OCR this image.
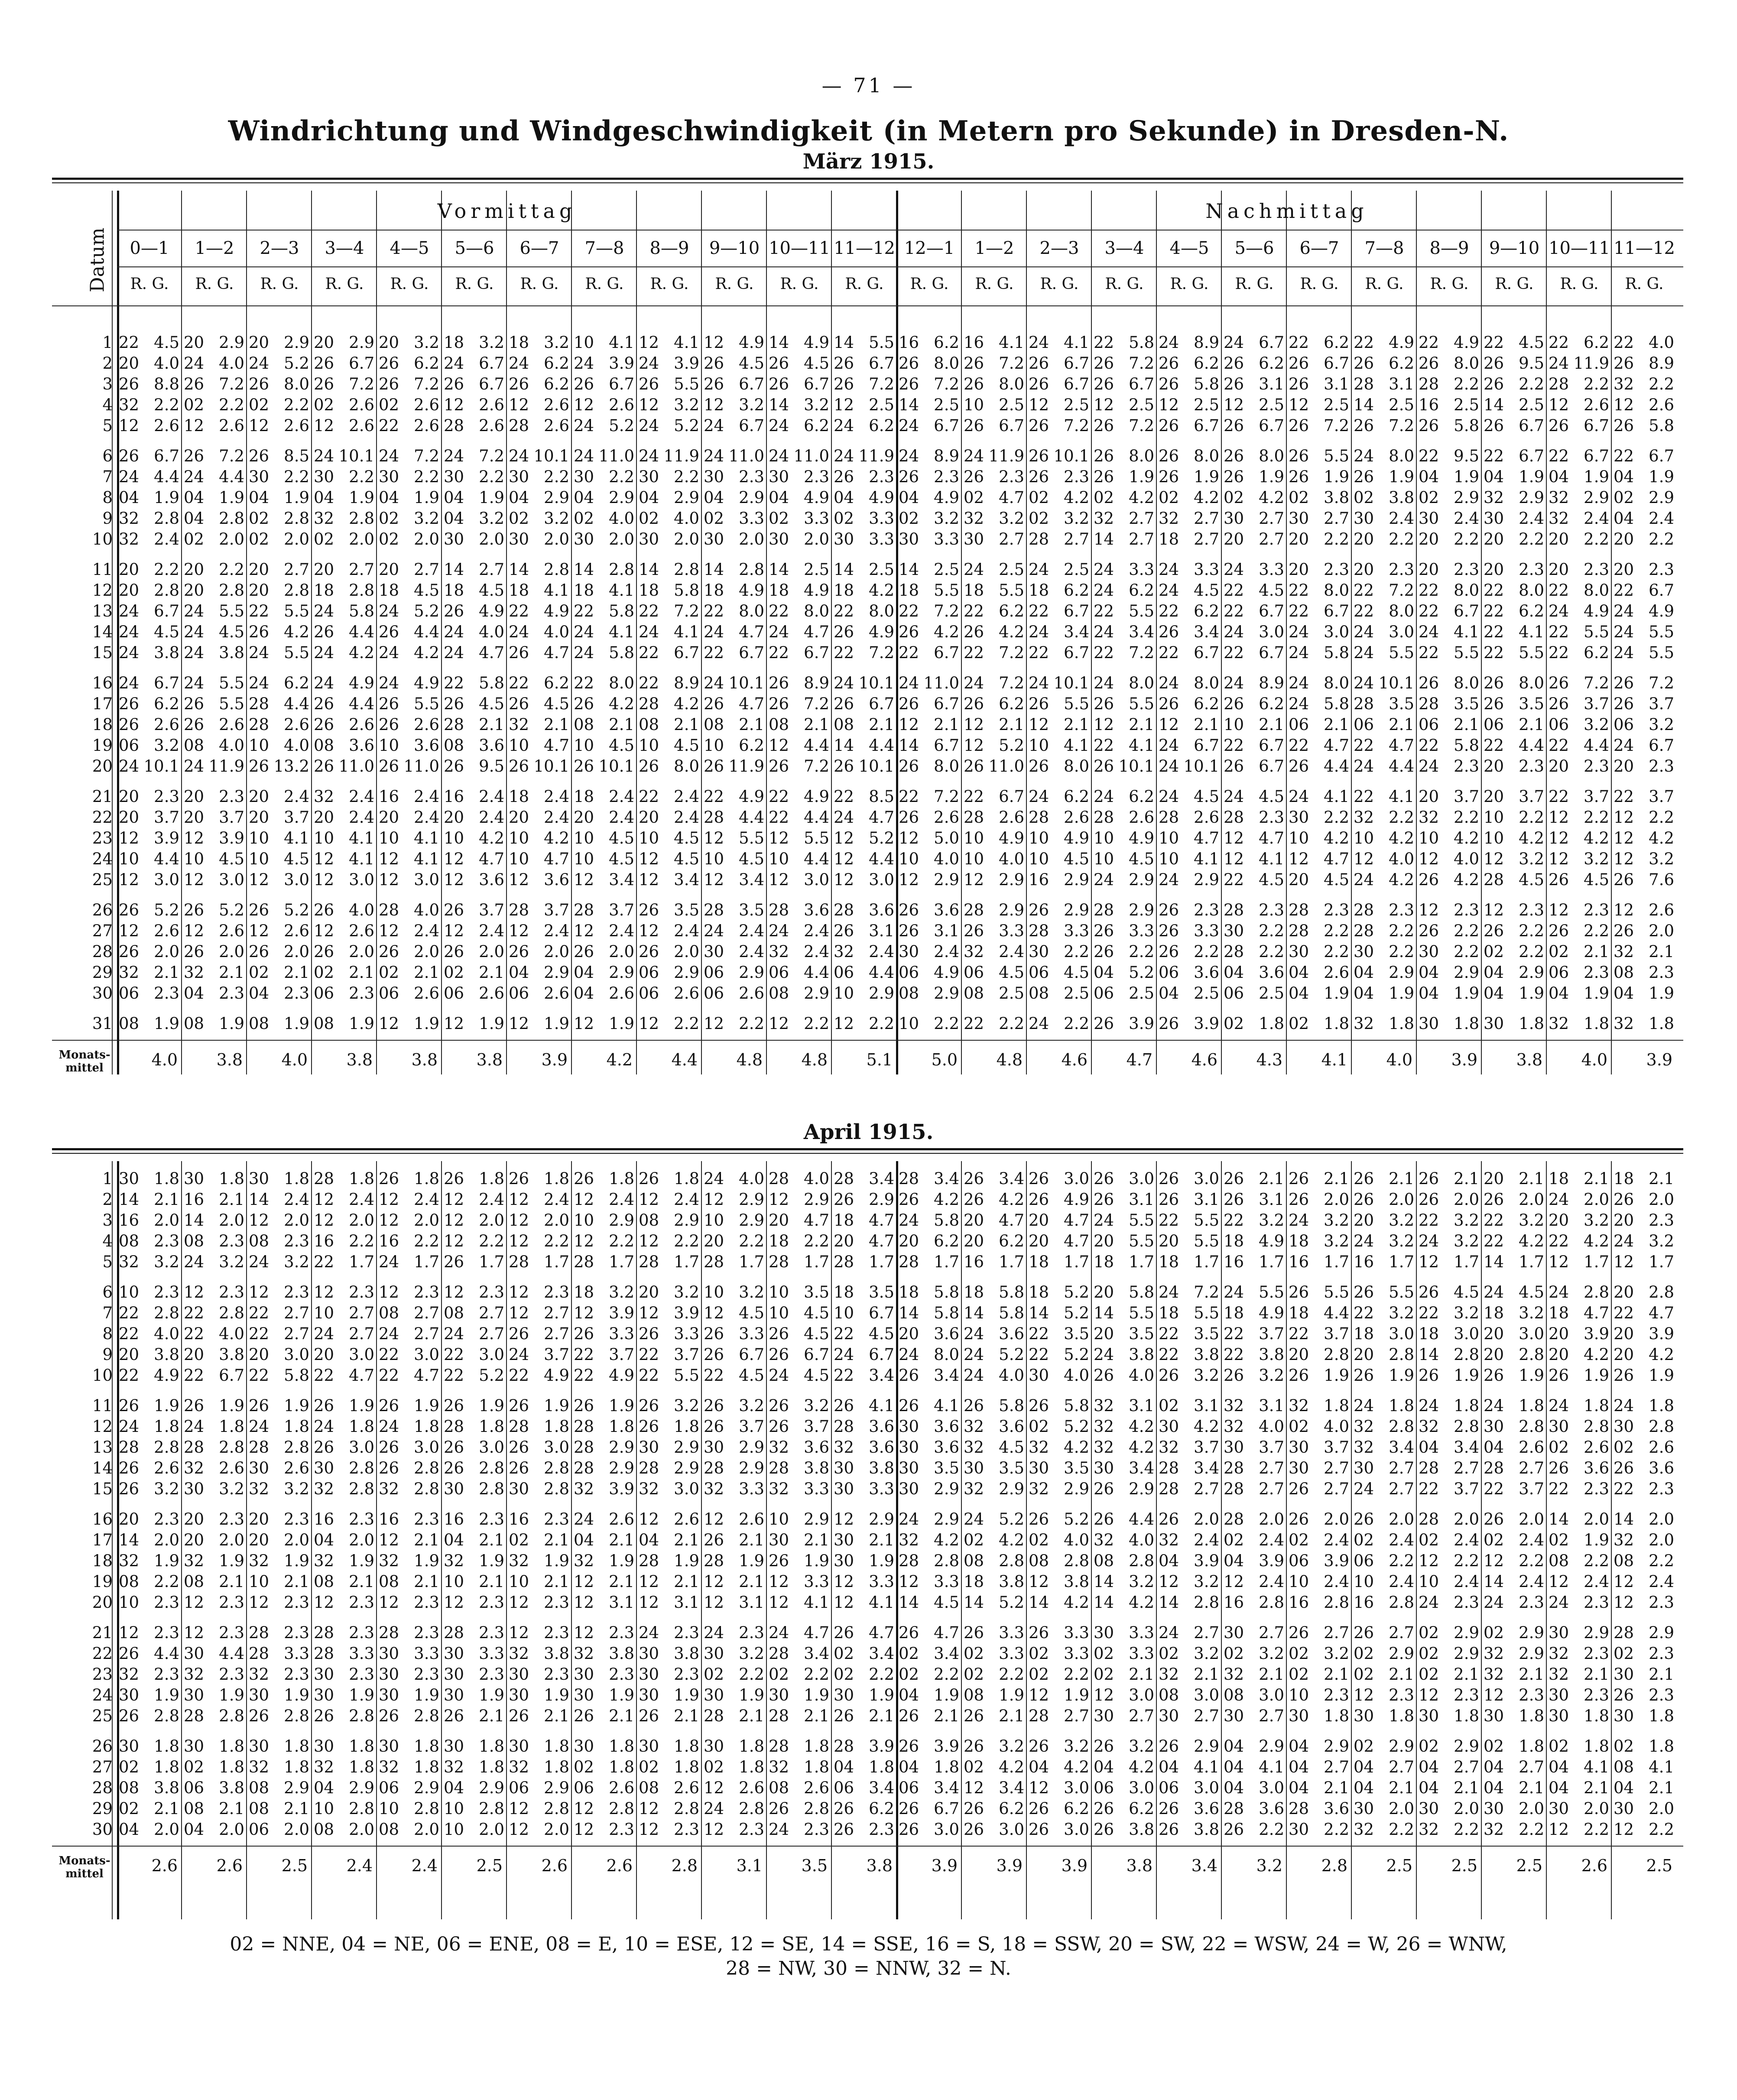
— 71 —
Windrichtung und Windgeschwindigkeit (in Metern pro Sekunde) in Dresden-N.
März 1915.
Datum
Vormittag	Nachmittag
0—1	1—2	2—3	3—4	4—5	5—6	6—7	7—8	8—9	9—10 10—11 11—12 12—1	1—2	2—3	3—4	4—5	5—6	6—7	7—8	8—9	9—10 10—11 11—12
R. G.	R. G.	R. G.	R. G.	R. G.	R. G.	R. G.	R. G.	R. G.	R. G.	R. G.	R. G.	R. G.	R. G.	R. G.	R. G.	R. G.	R. G.	R. G.	R. G.	R. G.	R. G.	R. G.	R. G.
1 22 4.5 20 2.9 20 2.9 20 2.9 20 3.2 18 3.2 18 3.2 10 4.1 12 4.1 12 4.9 14 4.9 14 5.5 16 6.2 16 4.1 24 4.1 22 5.8 24 8.9 24 6.7 22 6.2 22 4.9 22 4.9 22 4.5 22 6.2 22 4.0
2 20 4.0 24 4.0 24 5.2 26 6.7 26 6.2 24 6.7 24 6.2 24 3.9 24 3.9 26 4.5 26 4.5 26 6.7 26 8.0 26 7.2 26 6.7 26 7.2 26 6.2 26 6.2 26 6.7 26 6.2 26 8.0 26 9.5 24 11.9 26 8.9
3 26 8.8 26 7.2 26 8.0 26 7.2 26 7.2 26 6.7 26 6.2 26 6.7 26 5.5 26 6.7 26 6.7 26 7.2 26 7.2 26 8.0 26 6.7 26 6.7 26 5.8 26 3.1 26 3.1 28 3.1 28 2.2 26 2.2 28 2.2 32 2.2
4 32 2.2 02 2.2 02 2.2 02 2.6 02 2.6 12 2.6 12 2.6 12 2.6 12 3.2 12 3.2 14 3.2 12 2.5 14 2.5 10 2.5 12 2.5 12 2.5 12 2.5 12 2.5 12 2.5 14 2.5 16 2.5 14 2.5 12 2.6 12 2.6
5 12 2.6 12 2.6 12 2.6 12 2.6 22 2.6 28 2.6 28 2.6 24 5.2 24 5.2 24 6.7 24 6.2 24 6.2 24 6.7 26 6.7 26 7.2 26 7.2 26 6.7 26 6.7 26 7.2 26 7.2 26 5.8 26 6.7 26 6.7 26 5.8
6 26 6.7 26 7.2 26 8.5 24 10.1 24 7.2 24 7.2 24 10.1 24 11.0 24 11.9 24 11.0 24 11.0 24 11.9 24 8.9 24 11.9 26 10.1 26 8.0 26 8.0 26 8.0 26 5.5 24 8.0 22 9.5 22 6.7 22 6.7 22 6.7
7 24 4.4 24 4.4 30 2.2 30 2.2 30 2.2 30 2.2 30 2.2 30 2.2 30 2.2 30 2.3 30 2.3 26 2.3 26 2.3 26 2.3 26 2.3 26 1.9 26 1.9 26 1.9 26 1.9 26 1.9 04 1.9 04 1.9 04 1.9 04 1.9
8 04 1.9 04 1.9 04 1.9 04 1.9 04 1.9 04 1.9 04 2.9 04 2.9 04 2.9 04 2.9 04 4.9 04 4.9 04 4.9 02 4.7 02 4.2 02 4.2 02 4.2 02 4.2 02 3.8 02 3.8 02 2.9 32 2.9 32 2.9 02 2.9
9 32 2.8 04 2.8 02 2.8 32 2.8 02 3.2 04 3.2 02 3.2 02 4.0 02 4.0 02 3.3 02 3.3 02 3.3 02 3.2 32 3.2 02 3.2 32 2.7 32 2.7 30 2.7 30 2.7 30 2.4 30 2.4 30 2.4 32 2.4 04 2.4
10 32 2.4 02 2.0 02 2.0 02 2.0 02 2.0 30 2.0 30 2.0 30 2.0 30 2.0 30 2.0 30 2.0 30 3.3 30 3.3 30 2.7 28 2.7 14 2.7 18 2.7 20 2.7 20 2.2 20 2.2 20 2.2 20 2.2 20 2.2 20 2.2
11 20 2.2 20 2.2 20 2.7 20 2.7 20 2.7 14 2.7 14 2.8 14 2.8 14 2.8 14 2.8 14 2.5 14 2.5 14 2.5 24 2.5 24 2.5 24 3.3 24 3.3 24 3.3 20 2.3 20 2.3 20 2.3 20 2.3 20 2.3 20 2.3
12 20 2.8 20 2.8 20 2.8 18 2.8 18 4.5 18 4.5 18 4.1 18 4.1 18 5.8 18 4.9 18 4.9 18 4.2 18 5.5 18 5.5 18 6.2 24 6.2 24 4.5 22 4.5 22 8.0 22 7.2 22 8.0 22 8.0 22 8.0 22 6.7
13 24 6.7 24 5.5 22 5.5 24 5.8 24 5.2 26 4.9 22 4.9 22 5.8 22 7.2 22 8.0 22 8.0 22 8.0 22 7.2 22 6.2 22 6.7 22 5.5 22 6.2 22 6.7 22 6.7 22 8.0 22 6.7 22 6.2 24 4.9 24 4.9
14 24 4.5 24 4.5 26 4.2 26 4.4 26 4.4 24 4.0 24 4.0 24 4.1 24 4.1 24 4.7 24 4.7 26 4.9 26 4.2 26 4.2 24 3.4 24 3.4 26 3.4 24 3.0 24 3.0 24 3.0 24 4.1 22 4.1 22 5.5 24 5.5
15 24 3.8 24 3.8 24 5.5 24 4.2 24 4.2 24 4.7 26 4.7 24 5.8 22 6.7 22 6.7 22 6.7 22 7.2 22 6.7 22 7.2 22 6.7 22 7.2 22 6.7 22 6.7 24 5.8 24 5.5 22 5.5 22 5.5 22 6.2 24 5.5
16 24 6.7 24 5.5 24 6.2 24 4.9 24 4.9 22 5.8 22 6.2 22 8.0 22 8.9 24 10.1 26 8.9 24 10.1 24 11.0 24 7.2 24 10.1 24 8.0 24 8.0 24 8.9 24 8.0 24 10.1 26 8.0 26 8.0 26 7.2 26 7.2
17 26 6.2 26 5.5 28 4.4 26 4.4 26 5.5 26 4.5 26 4.5 26 4.2 28 4.2 26 4.7 26 7.2 26 6.7 26 6.7 26 6.2 26 5.5 26 5.5 26 6.2 26 6.2 24 5.8 28 3.5 28 3.5 26 3.5 26 3.7 26 3.7
18 26 2.6 26 2.6 28 2.6 26 2.6 26 2.6 28 2.1 32 2.1 08 2.1 08 2.1 08 2.1 08 2.1 08 2.1 12 2.1 12 2.1 12 2.1 12 2.1 12 2.1 10 2.1 06 2.1 06 2.1 06 2.1 06 2.1 06 3.2 06 3.2
19 06 3.2 08 4.0 10 4.0 08 3.6 10 3.6 08 3.6 10 4.7 10 4.5 10 4.5 10 6.2 12 4.4 14 4.4 14 6.7 12 5.2 10 4.1 22 4.1 24 6.7 22 6.7 22 4.7 22 4.7 22 5.8 22 4.4 22 4.4 24 6.7
20 24 10.1 24 11.9 26 13.2 26 11.0 26 11.0 26 9.5 26 10.1 26 10.1 26 8.0 26 11.9 26 7.2 26 10.1 26 8.0 26 11.0 26 8.0 26 10.1 24 10.1 26 6.7 26 4.4 24 4.4 24 2.3 20 2.3 20 2.3 20 2.3
21 20 2.3 20 2.3 20 2.4 32 2.4 16 2.4 16 2.4 18 2.4 18 2.4 22 2.4 22 4.9 22 4.9 22 8.5 22 7.2 22 6.7 24 6.2 24 6.2 24 4.5 24 4.5 24 4.1 22 4.1 20 3.7 20 3.7 22 3.7 22 3.7
22 20 3.7 20 3.7 20 3.7 20 2.4 20 2.4 20 2.4 20 2.4 20 2.4 20 2.4 28 4.4 22 4.4 24 4.7 26 2.6 28 2.6 28 2.6 28 2.6 28 2.6 28 2.3 30 2.2 32 2.2 32 2.2 10 2.2 12 2.2 12 2.2
23 12 3.9 12 3.9 10 4.1 10 4.1 10 4.1 10 4.2 10 4.2 10 4.5 10 4.5 12 5.5 12 5.5 12 5.2 12 5.0 10 4.9 10 4.9 10 4.9 10 4.7 12 4.7 10 4.2 10 4.2 10 4.2 10 4.2 12 4.2 12 4.2
24 10 4.4 10 4.5 10 4.5 12 4.1 12 4.1 12 4.7 10 4.7 10 4.5 12 4.5 10 4.5 10 4.4 12 4.4 10 4.0 10 4.0 10 4.5 10 4.5 10 4.1 12 4.1 12 4.7 12 4.0 12 4.0 12 3.2 12 3.2 12 3.2
25 12 3.0 12 3.0 12 3.0 12 3.0 12 3.0 12 3.6 12 3.6 12 3.4 12 3.4 12 3.4 12 3.0 12 3.0 12 2.9 12 2.9 16 2.9 24 2.9 24 2.9 22 4.5 20 4.5 24 4.2 26 4.2 28 4.5 26 4.5 26 7.6
26 26 5.2 26 5.2 26 5.2 26 4.0 28 4.0 26 3.7 28 3.7 28 3.7 26 3.5 28 3.5 28 3.6 28 3.6 26 3.6 28 2.9 26 2.9 28 2.9 26 2.3 28 2.3 28 2.3 28 2.3 12 2.3 12 2.3 12 2.3 12 2.6
27 12 2.6 12 2.6 12 2.6 12 2.6 12 2.4 12 2.4 12 2.4 12 2.4 12 2.4 24 2.4 24 2.4 26 3.1 26 3.1 26 3.3 28 3.3 26 3.3 26 3.3 30 2.2 28 2.2 28 2.2 26 2.2 26 2.2 26 2.2 26 2.0
28 26 2.0 26 2.0 26 2.0 26 2.0 26 2.0 26 2.0 26 2.0 26 2.0 26 2.0 30 2.4 32 2.4 32 2.4 30 2.4 32 2.4 30 2.2 26 2.2 26 2.2 28 2.2 30 2.2 30 2.2 30 2.2 02 2.2 02 2.1 32 2.1
29 32 2.1 32 2.1 02 2.1 02 2.1 02 2.1 02 2.1 04 2.9 04 2.9 06 2.9 06 2.9 06 4.4 06 4.4 06 4.9 06 4.5 06 4.5 04 5.2 06 3.6 04 3.6 04 2.6 04 2.9 04 2.9 04 2.9 06 2.3 08 2.3
30 06 2.3 04 2.3 04 2.3 06 2.3 06 2.6 06 2.6 06 2.6 04 2.6 06 2.6 06 2.6 08 2.9 10 2.9 08 2.9 08 2.5 08 2.5 06 2.5 04 2.5 06 2.5 04 1.9 04 1.9 04 1.9 04 1.9 04 1.9 04 1.9
31 08 1.9 08 1.9 08 1.9 08 1.9 12 1.9 12 1.9 12 1.9 12 1.9 12 2.2 12 2.2 12 2.2 12 2.2 10 2.2 22 2.2 24 2.2 26 3.9 26 3.9 02 1.8 02 1.8 32 1.8 30 1.8 30 1.8 32 1.8 32 1.8
Monats-mittel	4.0	3.8	4.0	3.8	3.8	3.8	3.9	4.2	4.4	4.8	4.8	5.1	5.0	4.8	4.6	4.7	4.6	4.3	4.1	4.0	3.9	3.8	4.0	3.9
April 1915.
1 30 1.8 30 1.8 30 1.8 28 1.8 26 1.8 26 1.8 26 1.8 26 1.8 26 1.8 24 4.0 28 4.0 28 3.4 28 3.4 26 3.4 26 3.0 26 3.0 26 3.0 26 2.1 26 2.1 26 2.1 26 2.1 20 2.1 18 2.1 18 2.1
2 14 2.1 16 2.1 14 2.4 12 2.4 12 2.4 12 2.4 12 2.4 12 2.4 12 2.4 12 2.9 12 2.9 26 2.9 26 4.2 26 4.2 26 4.9 26 3.1 26 3.1 26 3.1 26 2.0 26 2.0 26 2.0 26 2.0 24 2.0 26 2.0
3 16 2.0 14 2.0 12 2.0 12 2.0 12 2.0 12 2.0 12 2.0 10 2.9 08 2.9 10 2.9 20 4.7 18 4.7 24 5.8 20 4.7 20 4.7 24 5.5 22 5.5 22 3.2 24 3.2 20 3.2 22 3.2 22 3.2 20 3.2 20 2.3
4 08 2.3 08 2.3 08 2.3 16 2.2 16 2.2 12 2.2 12 2.2 12 2.2 12 2.2 20 2.2 18 2.2 20 4.7 20 6.2 20 6.2 20 4.7 20 5.5 20 5.5 18 4.9 18 3.2 24 3.2 24 3.2 22 4.2 22 4.2 24 3.2
5 32 3.2 24 3.2 24 3.2 22 1.7 24 1.7 26 1.7 28 1.7 28 1.7 28 1.7 28 1.7 28 1.7 28 1.7 28 1.7 16 1.7 18 1.7 18 1.7 18 1.7 16 1.7 16 1.7 16 1.7 12 1.7 14 1.7 12 1.7 12 1.7
6 10 2.3 12 2.3 12 2.3 12 2.3 12 2.3 12 2.3 12 2.3 18 3.2 20 3.2 10 3.2 10 3.5 18 3.5 18 5.8 18 5.8 18 5.2 20 5.8 24 7.2 24 5.5 26 5.5 26 5.5 26 4.5 24 4.5 24 2.8 20 2.8
7 22 2.8 22 2.8 22 2.7 10 2.7 08 2.7 08 2.7 12 2.7 12 3.9 12 3.9 12 4.5 10 4.5 10 6.7 14 5.8 14 5.8 14 5.2 14 5.5 18 5.5 18 4.9 18 4.4 22 3.2 22 3.2 18 3.2 18 4.7 22 4.7
8 22 4.0 22 4.0 22 2.7 24 2.7 24 2.7 24 2.7 26 2.7 26 3.3 26 3.3 26 3.3 26 4.5 22 4.5 20 3.6 24 3.6 22 3.5 20 3.5 22 3.5 22 3.7 22 3.7 18 3.0 18 3.0 20 3.0 20 3.9 20 3.9
9 20 3.8 20 3.8 20 3.0 20 3.0 22 3.0 22 3.0 24 3.7 22 3.7 22 3.7 26 6.7 26 6.7 24 6.7 24 8.0 24 5.2 22 5.2 24 3.8 22 3.8 22 3.8 20 2.8 20 2.8 14 2.8 20 2.8 20 4.2 20 4.2
10 22 4.9 22 6.7 22 5.8 22 4.7 22 4.7 22 5.2 22 4.9 22 4.9 22 5.5 22 4.5 24 4.5 22 3.4 26 3.4 24 4.0 30 4.0 26 4.0 26 3.2 26 3.2 26 1.9 26 1.9 26 1.9 26 1.9 26 1.9 26 1.9
11 26 1.9 26 1.9 26 1.9 26 1.9 26 1.9 26 1.9 26 1.9 26 1.9 26 3.2 26 3.2 26 3.2 26 4.1 26 4.1 26 5.8 26 5.8 32 3.1 02 3.1 32 3.1 32 1.8 24 1.8 24 1.8 24 1.8 24 1.8 24 1.8
12 24 1.8 24 1.8 24 1.8 24 1.8 24 1.8 28 1.8 28 1.8 28 1.8 26 1.8 26 3.7 26 3.7 28 3.6 30 3.6 32 3.6 02 5.2 32 4.2 30 4.2 32 4.0 02 4.0 32 2.8 32 2.8 30 2.8 30 2.8 30 2.8
13 28 2.8 28 2.8 28 2.8 26 3.0 26 3.0 26 3.0 26 3.0 28 2.9 30 2.9 30 2.9 32 3.6 32 3.6 30 3.6 32 4.5 32 4.2 32 4.2 32 3.7 30 3.7 30 3.7 32 3.4 04 3.4 04 2.6 02 2.6 02 2.6
14 26 2.6 32 2.6 30 2.6 30 2.8 26 2.8 26 2.8 26 2.8 28 2.9 28 2.9 28 2.9 28 3.8 30 3.8 30 3.5 30 3.5 30 3.5 30 3.4 28 3.4 28 2.7 30 2.7 30 2.7 28 2.7 28 2.7 26 3.6 26 3.6
15 26 3.2 30 3.2 32 3.2 32 2.8 32 2.8 30 2.8 30 2.8 32 3.9 32 3.0 32 3.3 32 3.3 30 3.3 30 2.9 32 2.9 32 2.9 26 2.9 28 2.7 28 2.7 26 2.7 24 2.7 22 3.7 22 3.7 22 2.3 22 2.3
16 20 2.3 20 2.3 20 2.3 16 2.3 16 2.3 16 2.3 16 2.3 24 2.6 12 2.6 12 2.6 10 2.9 12 2.9 24 2.9 24 5.2 26 5.2 26 4.4 26 2.0 28 2.0 26 2.0 26 2.0 28 2.0 26 2.0 14 2.0 14 2.0
17 14 2.0 20 2.0 20 2.0 04 2.0 12 2.1 04 2.1 02 2.1 04 2.1 04 2.1 26 2.1 30 2.1 30 2.1 32 4.2 02 4.2 02 4.0 32 4.0 32 2.4 02 2.4 02 2.4 02 2.4 02 2.4 02 2.4 02 1.9 32 2.0
18 32 1.9 32 1.9 32 1.9 32 1.9 32 1.9 32 1.9 32 1.9 32 1.9 28 1.9 28 1.9 26 1.9 30 1.9 28 2.8 08 2.8 08 2.8 08 2.8 04 3.9 04 3.9 06 3.9 06 2.2 12 2.2 12 2.2 08 2.2 08 2.2
19 08 2.2 08 2.1 10 2.1 08 2.1 08 2.1 10 2.1 10 2.1 12 2.1 12 2.1 12 2.1 12 3.3 12 3.3 12 3.3 18 3.8 12 3.8 14 3.2 12 3.2 12 2.4 10 2.4 10 2.4 10 2.4 14 2.4 12 2.4 12 2.4
20 10 2.3 12 2.3 12 2.3 12 2.3 12 2.3 12 2.3 12 2.3 12 3.1 12 3.1 12 3.1 12 4.1 12 4.1 14 4.5 14 5.2 14 4.2 14 4.2 14 2.8 16 2.8 16 2.8 16 2.8 24 2.3 24 2.3 24 2.3 12 2.3
21 12 2.3 12 2.3 28 2.3 28 2.3 28 2.3 28 2.3 12 2.3 12 2.3 24 2.3 24 2.3 24 4.7 26 4.7 26 4.7 26 3.3 26 3.3 30 3.3 24 2.7 30 2.7 26 2.7 26 2.7 02 2.9 02 2.9 30 2.9 28 2.9
22 26 4.4 30 4.4 28 3.3 28 3.3 30 3.3 30 3.3 32 3.8 32 3.8 30 3.8 30 3.2 28 3.4 02 3.4 02 3.4 02 3.3 02 3.3 02 3.3 02 3.2 02 3.2 02 3.2 02 2.9 02 2.9 32 2.9 32 2.3 02 2.3
23 32 2.3 32 2.3 32 2.3 30 2.3 30 2.3 30 2.3 30 2.3 30 2.3 30 2.3 02 2.2 02 2.2 02 2.2 02 2.2 02 2.2 02 2.2 02 2.1 32 2.1 32 2.1 02 2.1 02 2.1 02 2.1 32 2.1 32 2.1 30 2.1
24 30 1.9 30 1.9 30 1.9 30 1.9 30 1.9 30 1.9 30 1.9 30 1.9 30 1.9 30 1.9 30 1.9 30 1.9 04 1.9 08 1.9 12 1.9 12 3.0 08 3.0 08 3.0 10 2.3 12 2.3 12 2.3 12 2.3 30 2.3 26 2.3
25 26 2.8 28 2.8 26 2.8 26 2.8 26 2.8 26 2.1 26 2.1 26 2.1 26 2.1 28 2.1 28 2.1 26 2.1 26 2.1 26 2.1 28 2.7 30 2.7 30 2.7 30 2.7 30 1.8 30 1.8 30 1.8 30 1.8 30 1.8 30 1.8
26 30 1.8 30 1.8 30 1.8 30 1.8 30 1.8 30 1.8 30 1.8 30 1.8 30 1.8 30 1.8 28 1.8 28 3.9 26 3.9 26 3.2 26 3.2 26 3.2 26 2.9 04 2.9 04 2.9 02 2.9 02 2.9 02 1.8 02 1.8 02 1.8
27 02 1.8 02 1.8 32 1.8 32 1.8 32 1.8 32 1.8 32 1.8 02 1.8 02 1.8 02 1.8 32 1.8 04 1.8 04 1.8 02 4.2 04 4.2 04 4.2 04 4.1 04 4.1 04 2.7 04 2.7 04 2.7 04 2.7 04 4.1 08 4.1
28 08 3.8 06 3.8 08 2.9 04 2.9 06 2.9 04 2.9 06 2.9 06 2.6 08 2.6 12 2.6 08 2.6 06 3.4 06 3.4 12 3.4 12 3.0 06 3.0 06 3.0 04 3.0 04 2.1 04 2.1 04 2.1 04 2.1 04 2.1 04 2.1
29 02 2.1 08 2.1 08 2.1 10 2.8 10 2.8 10 2.8 12 2.8 12 2.8 12 2.8 24 2.8 26 2.8 26 6.2 26 6.7 26 6.2 26 6.2 26 6.2 26 3.6 28 3.6 28 3.6 30 2.0 30 2.0 30 2.0 30 2.0 30 2.0
30 04 2.0 04 2.0 06 2.0 08 2.0 08 2.0 10 2.0 12 2.0 12 2.3 12 2.3 12 2.3 24 2.3 26 2.3 26 3.0 26 3.0 26 3.0 26 3.8 26 3.8 26 2.2 30 2.2 32 2.2 32 2.2 32 2.2 12 2.2 12 2.2
Monats-mittel	2.6	2.6	2.5	2.4	2.4	2.5	2.6	2.6	2.8	3.1	3.5	3.8	3.9	3.9	3.9	3.8	3.4	3.2	2.8	2.5	2.5	2.5	2.6	2.5
02 = NNE, 04 = NE, 06 = ENE, 08 = E, 10 = ESE, 12 = SE, 14 = SSE, 16 = S, 18 = SSW, 20 = SW, 22 = WSW, 24 = W, 26 = WNW,
28 = NW, 30 = NNW, 32 = N.
